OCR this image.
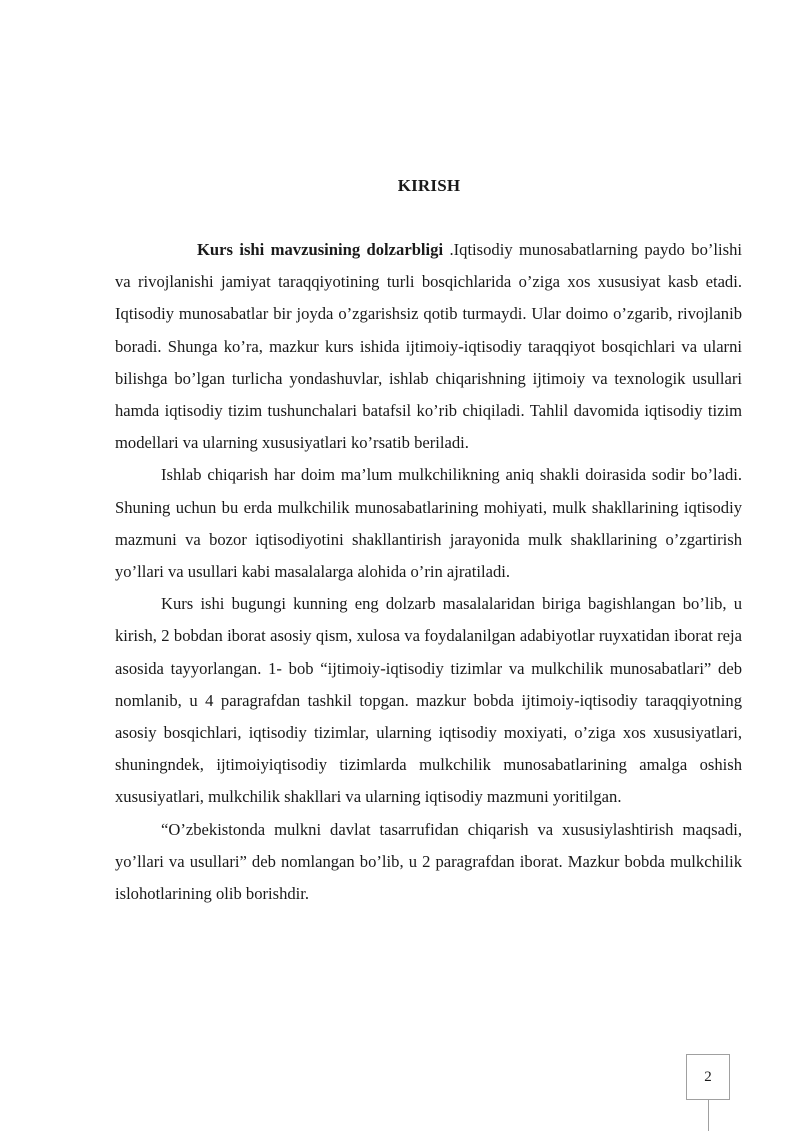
KIRISH

Kurs ishi mavzusining dolzarbligi .Iqtisodiy munosabatlarning paydo bo’lishi va rivojlanishi jamiyat taraqqiyotining turli bosqichlarida o’ziga xos xususiyat kasb etadi. Iqtisodiy munosabatlar bir joyda o’zgarishsiz qotib turmaydi. Ular doimo o’zgarib, rivojlanib boradi. Shunga ko’ra, mazkur kurs ishida ijtimoiy-iqtisodiy taraqqiyot bosqichlari va ularni bilishga bo’lgan turlicha yondashuvlar, ishlab chiqarishning ijtimoiy va texnologik usullari hamda iqtisodiy tizim tushunchalari batafsil ko’rib chiqiladi. Tahlil davomida iqtisodiy tizim modellari va ularning xususiyatlari ko’rsatib beriladi.

Ishlab chiqarish har doim ma’lum mulkchilikning aniq shakli doirasida sodir bo’ladi. Shuning uchun bu erda mulkchilik munosabatlarining mohiyati, mulk shakllarining iqtisodiy mazmuni va bozor iqtisodiyotini shakllantirish jarayonida mulk shakllarining o’zgartirish yo’llari va usullari kabi masalalarga alohida o’rin ajratiladi.

Kurs ishi bugungi kunning eng dolzarb masalalaridan biriga bagishlangan bo’lib, u kirish, 2 bobdan iborat asosiy qism, xulosa va foydalanilgan adabiyotlar ruyxatidan iborat reja asosida tayyorlangan. 1- bob “ijtimoiy-iqtisodiy tizimlar va mulkchilik munosabatlari” deb nomlanib, u 4 paragrafdan tashkil topgan. mazkur bobda ijtimoiy-iqtisodiy taraqqiyotning asosiy bosqichlari, iqtisodiy tizimlar, ularning iqtisodiy moxiyati, o’ziga xos xususiyatlari, shuningndek, ijtimoiyiqtisodiy tizimlarda mulkchilik munosabatlarining amalga oshish xususiyatlari, mulkchilik shakllari va ularning iqtisodiy mazmuni yoritilgan.

“O’zbekistonda mulkni davlat tasarrufidan chiqarish va xususiylashtirish maqsadi, yo’llari va usullari” deb nomlangan bo’lib, u 2 paragrafdan iborat. Mazkur bobda mulkchilik islohotlarining olib borishdir.

2
